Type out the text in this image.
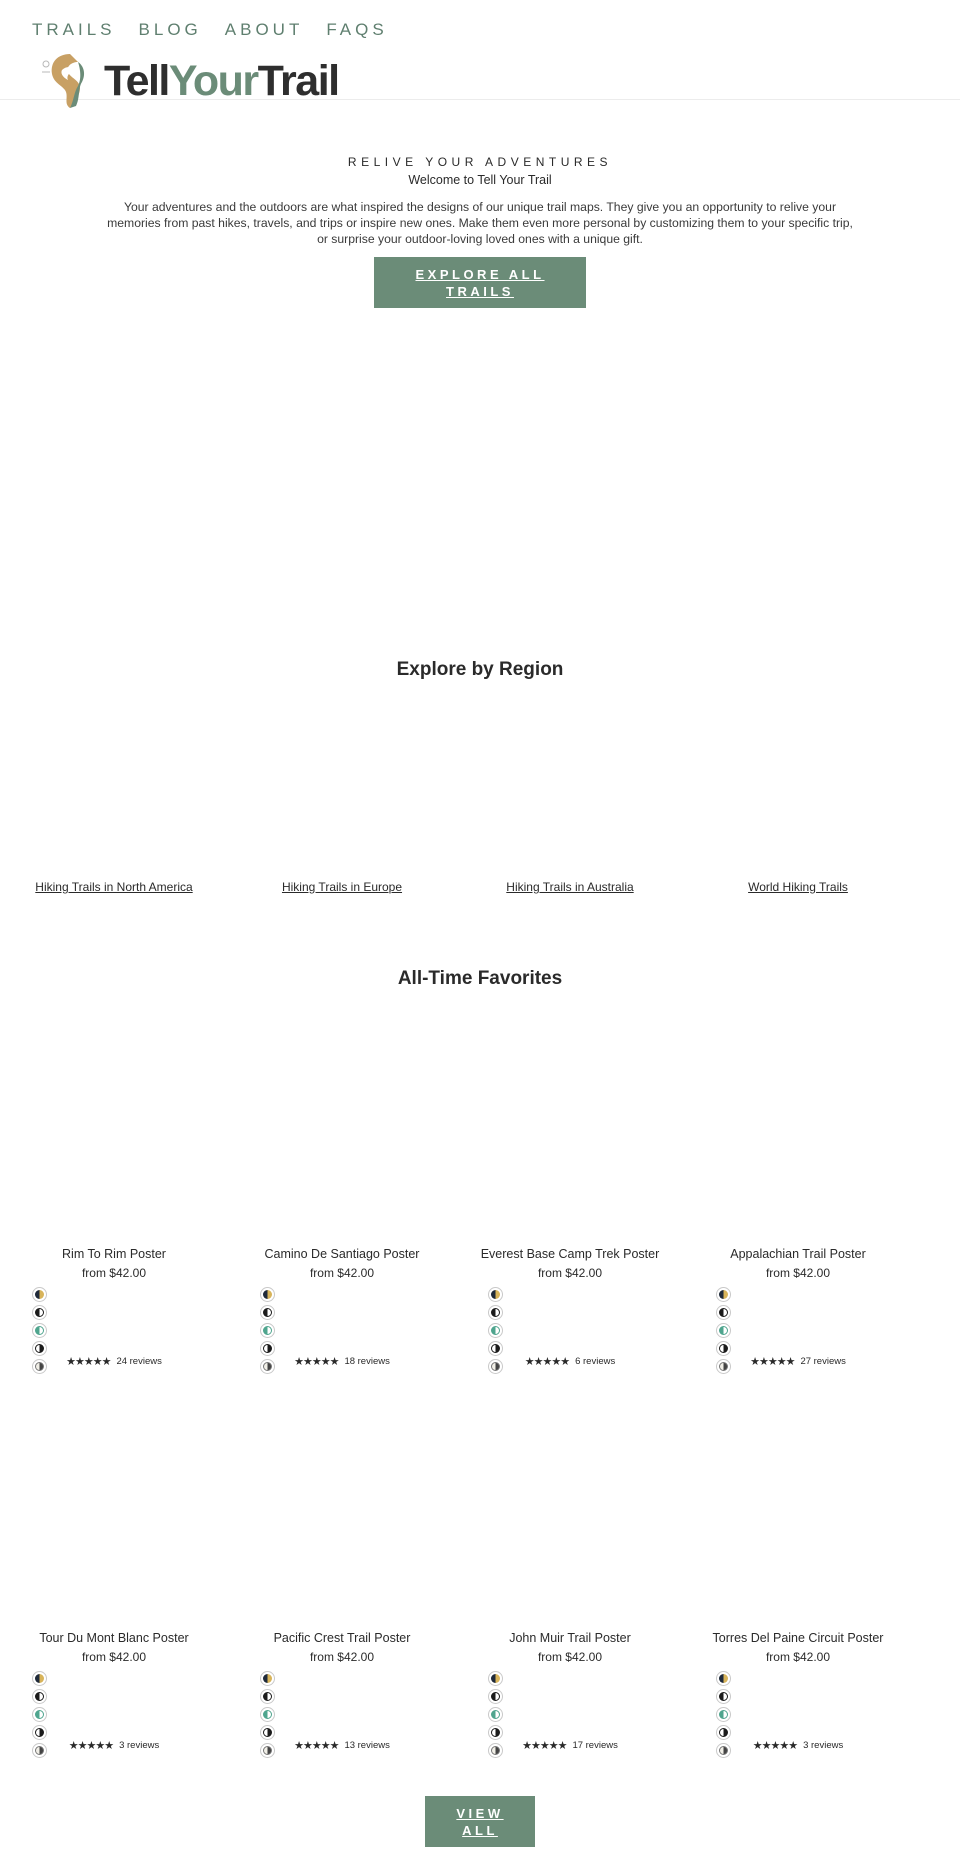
TRAILS BLOG ABOUT FAQS
TellYourTrail
RELIVE YOUR ADVENTURES
Welcome to Tell Your Trail

Your adventures and the outdoors are what inspired the designs of our unique trail maps. They give you an opportunity to relive your memories from past hikes, travels, and trips or inspire new ones. Make them even more personal by customizing them to your specific trip, or surprise your outdoor-loving loved ones with a unique gift.

EXPLORE ALL TRAILS
Explore by Region
Hiking Trails in North America	Hiking Trails in Europe	Hiking Trails in Australia	World Hiking Trails
All-Time Favorites
Rim To Rim Poster
from $42.00
★★★★★ 24 reviews
Camino De Santiago Poster
from $42.00
★★★★★ 18 reviews
Everest Base Camp Trek Poster
from $42.00
★★★★★ 6 reviews
Appalachian Trail Poster
from $42.00
★★★★★ 27 reviews
Tour Du Mont Blanc Poster
from $42.00
★★★★★ 3 reviews
Pacific Crest Trail Poster
from $42.00
★★★★★ 13 reviews
John Muir Trail Poster
from $42.00
★★★★★ 17 reviews
Torres Del Paine Circuit Poster
from $42.00
★★★★★ 3 reviews
VIEW ALL
